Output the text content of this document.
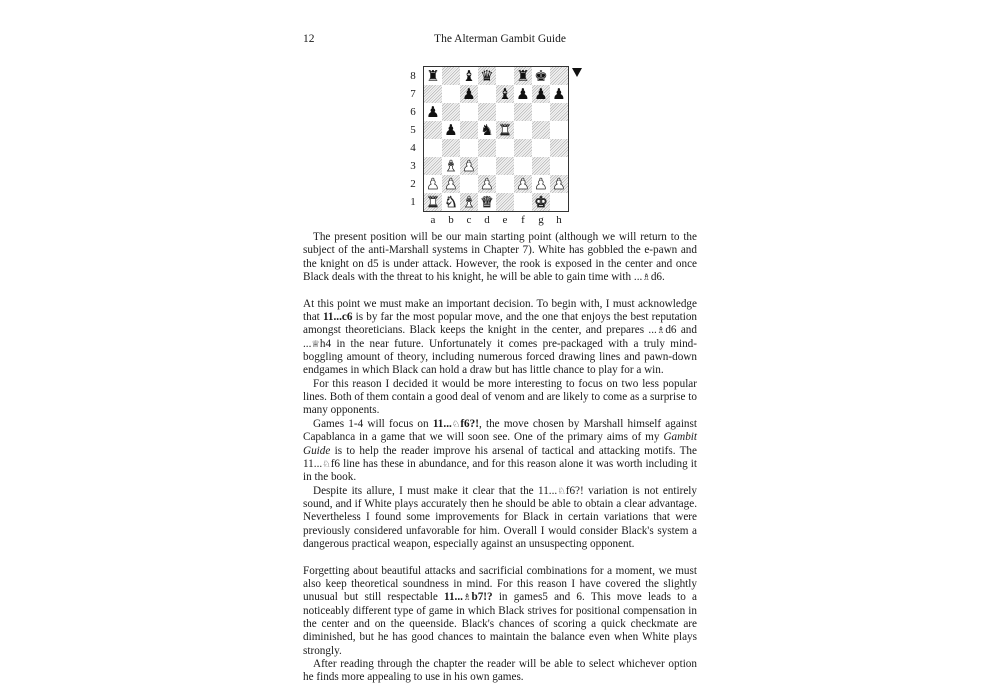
12	The Alterman Gambit Guide
8
7
6
5
4
3
2
1
♜ ♝ ♛ ♜ ♚
♟ ♝ ♟ ♟ ♟
♟
♟ ♞ ♜
♝ ♟
♟ ♟ ♟ ♟ ♟ ♟
♜ ♞ ♝ ♛	♚
a	b	c	d	e	f	g	h

The present position will be our main starting point (although we will return to the subject of the anti-Marshall systems in Chapter 7). White has gobbled the e-pawn and the knight on d5 is under attack. However, the rook is exposed in the center and once Black deals with the threat to his knight, he will be able to gain time with ...♗d6.

At this point we must make an important decision. To begin with, I must acknowledge that 11...c6 is by far the most popular move, and the one that enjoys the best reputation amongst theoreticians. Black keeps the knight in the center, and prepares ...♗d6 and ...♕h4 in the near future. Unfortunately it comes pre-packaged with a truly mind-boggling amount of theory, including numerous forced drawing lines and pawn-down endgames in which Black can hold a draw but has little chance to play for a win.

For this reason I decided it would be more interesting to focus on two less popular lines. Both of them contain a good deal of venom and are likely to come as a surprise to many opponents.

Games 1-4 will focus on 11...♘f6?!, the move chosen by Marshall himself against Capablanca in a game that we will soon see. One of the primary aims of my Gambit Guide is to help the reader improve his arsenal of tactical and attacking motifs. The 11...♘f6 line has these in abundance, and for this reason alone it was worth including it in the book.

Despite its allure, I must make it clear that the 11...♘f6?! variation is not entirely sound, and if White plays accurately then he should be able to obtain a clear advantage. Nevertheless I found some improvements for Black in certain variations that were previously considered unfavorable for him. Overall I would consider Black's system a dangerous practical weapon, especially against an unsuspecting opponent.

Forgetting about beautiful attacks and sacrificial combinations for a moment, we must also keep theoretical soundness in mind. For this reason I have covered the slightly unusual but still respectable 11...♗b7!? in games5 and 6. This move leads to a noticeably different type of game in which Black strives for positional compensation in the center and on the queenside. Black's chances of scoring a quick checkmate are diminished, but he has good chances to maintain the balance even when White plays strongly.

After reading through the chapter the reader will be able to select whichever option he finds more appealing to use in his own games.
